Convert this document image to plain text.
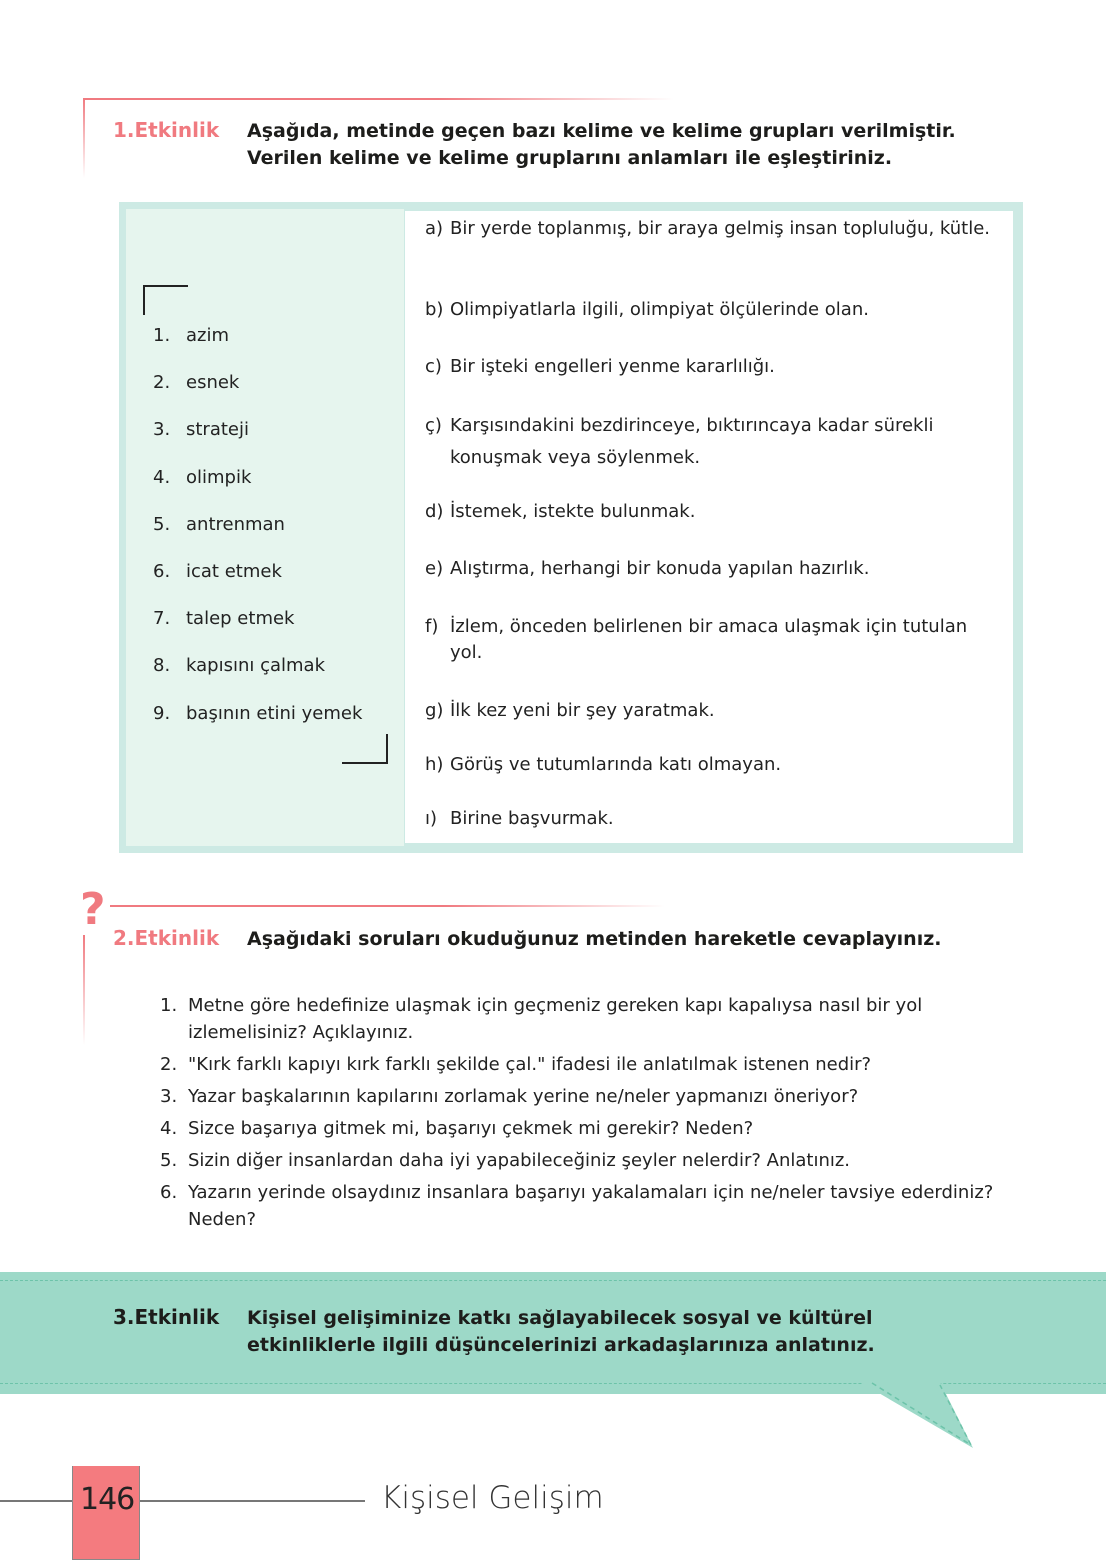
1.Etkinlik Aşağıda, metinde geçen bazı kelime ve kelime grupları verilmiştir. Verilen kelime ve kelime gruplarını anlamları ile eşleştiriniz.
1. azim
2. esnek
3. strateji
4. olimpik
5. antrenman
6. icat etmek
7. talep etmek
8. kapısını çalmak
9. başının etini yemek
a) Bir yerde toplanmış, bir araya gelmiş insan topluluğu, kütle.
b) Olimpiyatlarla ilgili, olimpiyat ölçülerinde olan.
c) Bir işteki engelleri yenme kararlılığı.
ç) Karşısındakini bezdirinceye, bıktırıncaya kadar sürekli konuşmak veya söylenmek.
d) İstemek, istekte bulunmak.
e) Alıştırma, herhangi bir konuda yapılan hazırlık.
f) İzlem, önceden belirlenen bir amaca ulaşmak için tutulan yol.
g) İlk kez yeni bir şey yaratmak.
h) Görüş ve tutumlarında katı olmayan.
ı) Birine başvurmak.
?
2.Etkinlik Aşağıdaki soruları okuduğunuz metinden hareketle cevaplayınız.
1. Metne göre hedefinize ulaşmak için geçmeniz gereken kapı kapalıysa nasıl bir yol izlemelisiniz? Açıklayınız.
2. "Kırk farklı kapıyı kırk farklı şekilde çal." ifadesi ile anlatılmak istenen nedir?
3. Yazar başkalarının kapılarını zorlamak yerine ne/neler yapmanızı öneriyor?
4. Sizce başarıya gitmek mi, başarıyı çekmek mi gerekir? Neden?
5. Sizin diğer insanlardan daha iyi yapabileceğiniz şeyler nelerdir? Anlatınız.
6. Yazarın yerinde olsaydınız insanlara başarıyı yakalamaları için ne/neler tavsiye ederdiniz? Neden?
3.Etkinlik Kişisel gelişiminize katkı sağlayabilecek sosyal ve kültürel etkinliklerle ilgili düşüncelerinizi arkadaşlarınıza anlatınız.
146	Kişisel Gelişim
